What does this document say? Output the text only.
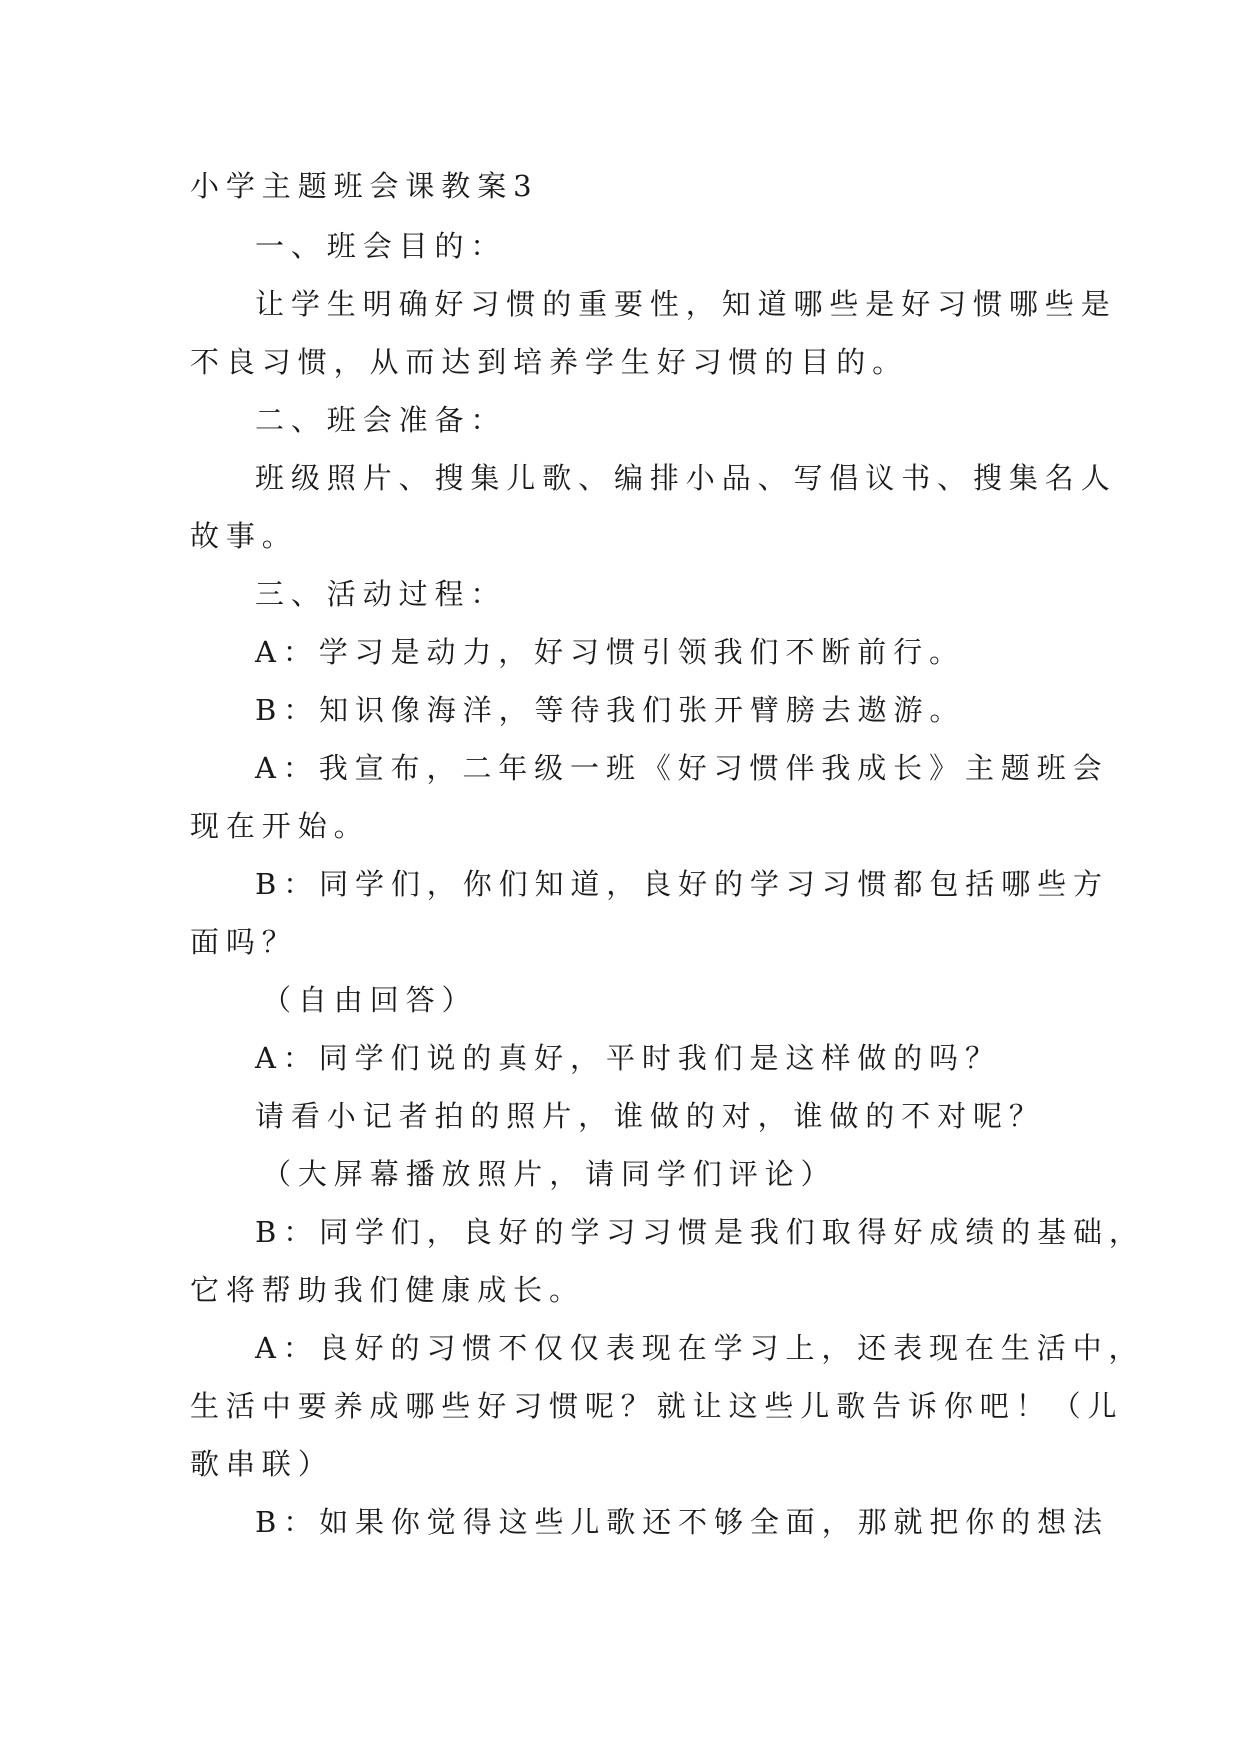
小学主题班会课教案3
一、班会目的：
让学生明确好习惯的重要性，知道哪些是好习惯哪些是
不良习惯，从而达到培养学生好习惯的目的。
二、班会准备：
班级照片、搜集儿歌、编排小品、写倡议书、搜集名人
故事。
三、活动过程：
A：学习是动力，好习惯引领我们不断前行。
B：知识像海洋，等待我们张开臂膀去遨游。
A：我宣布，二年级一班《好习惯伴我成长》主题班会
现在开始。
B：同学们，你们知道，良好的学习习惯都包括哪些方
面吗？
（自由回答）
A：同学们说的真好，平时我们是这样做的吗？
请看小记者拍的照片，谁做的对，谁做的不对呢？
（大屏幕播放照片，请同学们评论）
B：同学们，良好的学习习惯是我们取得好成绩的基础，
它将帮助我们健康成长。
A：良好的习惯不仅仅表现在学习上，还表现在生活中，
生活中要养成哪些好习惯呢？就让这些儿歌告诉你吧！（儿
歌串联）
B：如果你觉得这些儿歌还不够全面，那就把你的想法
